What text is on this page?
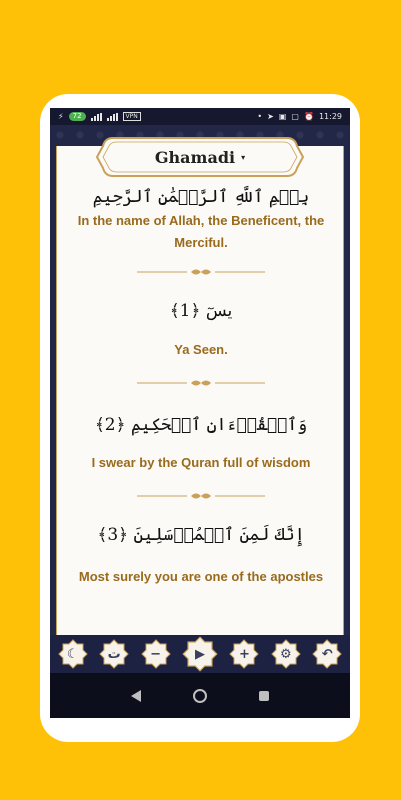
⚡	72	VPN	• ➤ ▣ ▢ ⏰ 11:29
Ghamadi ▾
بِسۡمِ ٱللَّهِ ٱلرَّحۡمَٰنِ ٱلرَّحِيمِ
In the name of Allah, the Beneficent, the Merciful.
يسٓ ﴿1﴾
Ya Seen.
وَٱلۡقُرۡءَانِ ٱلۡحَكِيمِ ﴿2﴾
I swear by the Quran full of wisdom
إِنَّكَ لَمِنَ ٱلۡمُرۡسَلِينَ ﴿3﴾
Most surely you are one of the apostles
☾ ت −	▶	+ ⚙ ↶
